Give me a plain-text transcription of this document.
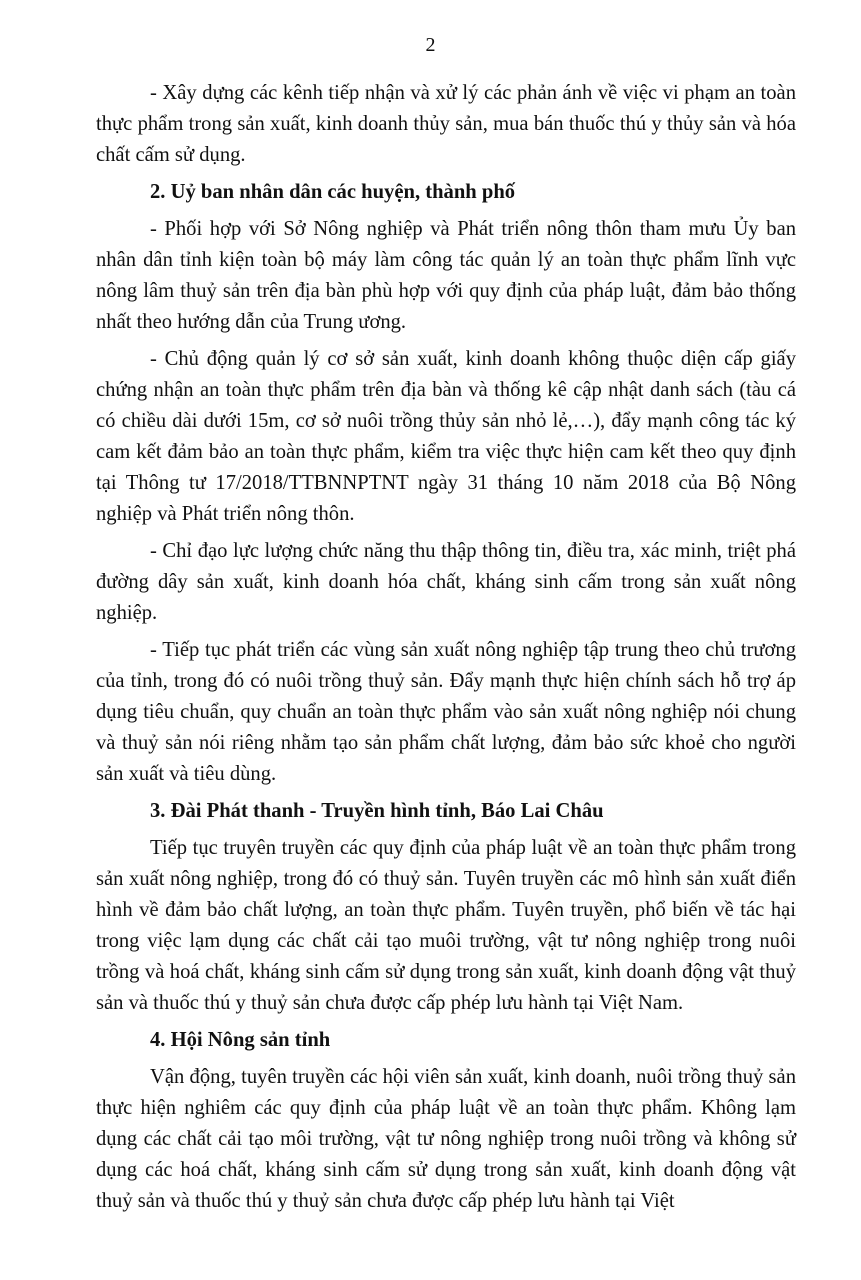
2

- Xây dựng các kênh tiếp nhận và xử lý các phản ánh về việc vi phạm an toàn thực phẩm trong sản xuất, kinh doanh thủy sản, mua bán thuốc thú y thủy sản và hóa chất cấm sử dụng.

2. Uỷ ban nhân dân các huyện, thành phố

- Phối hợp với Sở Nông nghiệp và Phát triển nông thôn tham mưu Ủy ban nhân dân tỉnh kiện toàn bộ máy làm công tác quản lý an toàn thực phẩm lĩnh vực nông lâm thuỷ sản trên địa bàn phù hợp với quy định của pháp luật, đảm bảo thống nhất theo hướng dẫn của Trung ương.

- Chủ động quản lý cơ sở sản xuất, kinh doanh không thuộc diện cấp giấy chứng nhận an toàn thực phẩm trên địa bàn và thống kê cập nhật danh sách (tàu cá có chiều dài dưới 15m, cơ sở nuôi trồng thủy sản nhỏ lẻ,…), đẩy mạnh công tác ký cam kết đảm bảo an toàn thực phẩm, kiểm tra việc thực hiện cam kết theo quy định tại Thông tư 17/2018/TTBNNPTNT ngày 31 tháng 10 năm 2018 của Bộ Nông nghiệp và Phát triển nông thôn.

- Chỉ đạo lực lượng chức năng thu thập thông tin, điều tra, xác minh, triệt phá đường dây sản xuất, kinh doanh hóa chất, kháng sinh cấm trong sản xuất nông nghiệp.

- Tiếp tục phát triển các vùng sản xuất nông nghiệp tập trung theo chủ trương của tỉnh, trong đó có nuôi trồng thuỷ sản. Đẩy mạnh thực hiện chính sách hỗ trợ áp dụng tiêu chuẩn, quy chuẩn an toàn thực phẩm vào sản xuất nông nghiệp nói chung và thuỷ sản nói riêng nhằm tạo sản phẩm chất lượng, đảm bảo sức khoẻ cho người sản xuất và tiêu dùng.

3. Đài Phát thanh - Truyền hình tỉnh, Báo Lai Châu

Tiếp tục truyên truyền các quy định của pháp luật về an toàn thực phẩm trong sản xuất nông nghiệp, trong đó có thuỷ sản. Tuyên truyền các mô hình sản xuất điển hình về đảm bảo chất lượng, an toàn thực phẩm. Tuyên truyền, phổ biến về tác hại trong việc lạm dụng các chất cải tạo muôi trường, vật tư nông nghiệp trong nuôi trồng và hoá chất, kháng sinh cấm sử dụng trong sản xuất, kinh doanh động vật thuỷ sản và thuốc thú y thuỷ sản chưa được cấp phép lưu hành tại Việt Nam.

4. Hội Nông sản tỉnh

Vận động, tuyên truyền các hội viên sản xuất, kinh doanh, nuôi trồng thuỷ sản thực hiện nghiêm các quy định của pháp luật về an toàn thực phẩm. Không lạm dụng các chất cải tạo môi trường, vật tư nông nghiệp trong nuôi trồng và không sử dụng các hoá chất, kháng sinh cấm sử dụng trong sản xuất, kinh doanh động vật thuỷ sản và thuốc thú y thuỷ sản chưa được cấp phép lưu hành tại Việt
